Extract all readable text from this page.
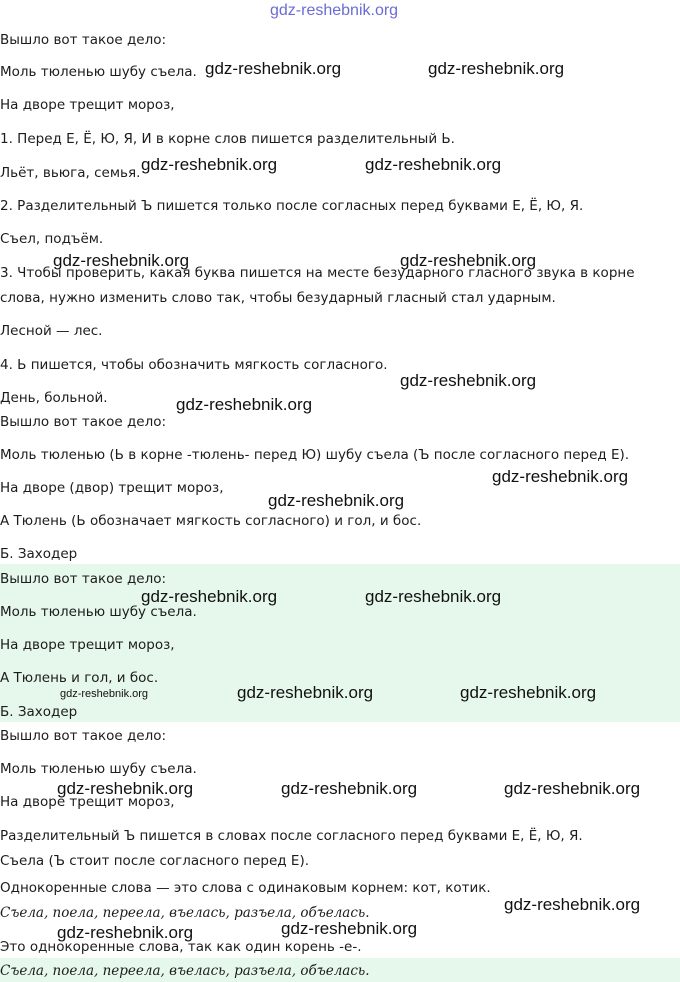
Вышло вот такое дело:
Моль тюленью шубу съела.
На дворе трещит мороз,
1. Перед Е, Ё, Ю, Я, И в корне слов пишется разделительный Ь.
Льёт, вьюга, семья.
2. Разделительный Ъ пишется только после согласных перед буквами Е, Ё, Ю, Я.
Съел, подъём.
3. Чтобы проверить, какая буква пишется на месте безударного гласного звука в корне
слова, нужно изменить слово так, чтобы безударный гласный стал ударным.
Лесной — лес.
4. Ь пишется, чтобы обозначить мягкость согласного.
День, больной.
Вышло вот такое дело:
Моль тюленью (Ь в корне -тюлень- перед Ю) шубу съела (Ъ после согласного перед Е).
На дворе (двор) трещит мороз,
А Тюлень (Ь обозначает мягкость согласного) и гол, и бос.
Б. Заходер
Вышло вот такое дело:
Моль тюленью шубу съела.
На дворе трещит мороз,
А Тюлень и гол, и бос.
Б. Заходер
Вышло вот такое дело:
Моль тюленью шубу съела.
На дворе трещит мороз,
Разделительный Ъ пишется в словах после согласного перед буквами Е, Ё, Ю, Я.
Съела (Ъ стоит после согласного перед Е).
Однокоренные слова — это слова с одинаковым корнем: кот, котик.
Съела, поела, переела, въелась, разъела, объелась.
Это однокоренные слова, так как один корень -е-.
Съела, поела, переела, въелась, разъела, объелась.
gdz-reshebnik.org
gdz-reshebnik.org	gdz-reshebnik.org
gdz-reshebnik.org	gdz-reshebnik.org
gdz-reshebnik.org	gdz-reshebnik.org
gdz-reshebnik.org
gdz-reshebnik.org
gdz-reshebnik.org
gdz-reshebnik.org
gdz-reshebnik.org	gdz-reshebnik.org
gdz-reshebnik.org	gdz-reshebnik.org	gdz-reshebnik.org
gdz-reshebnik.org	gdz-reshebnik.org	gdz-reshebnik.org
gdz-reshebnik.org
gdz-reshebnik.org
gdz-reshebnik.org
